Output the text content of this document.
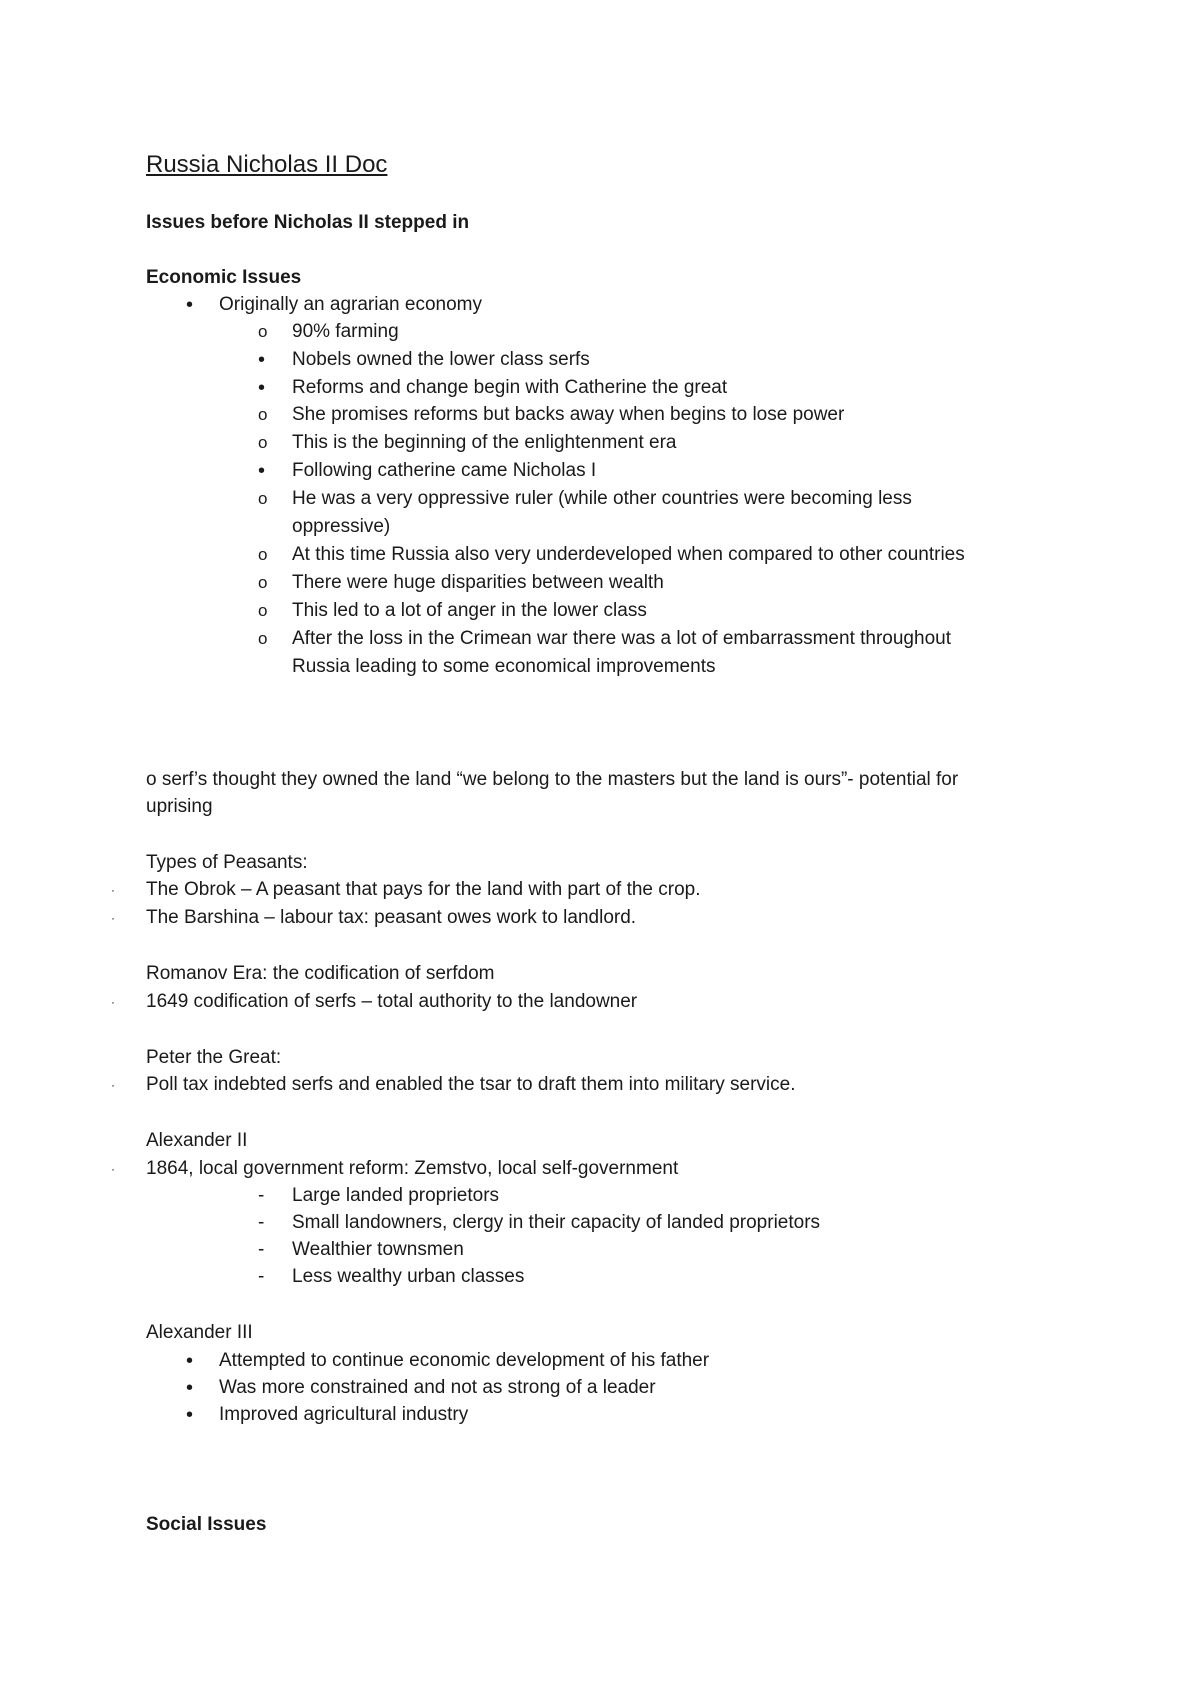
Russia Nicholas II Doc
Issues before Nicholas II stepped in
Economic Issues
• Originally an agrarian economy
o 90% farming
• Nobels owned the lower class serfs
• Reforms and change begin with Catherine the great
o She promises reforms but backs away when begins to lose power
o This is the beginning of the enlightenment era
• Following catherine came Nicholas I
o He was a very oppressive ruler (while other countries were becoming less
oppressive)
o At this time Russia also very underdeveloped when compared to other countries
o There were huge disparities between wealth
o This led to a lot of anger in the lower class
o After the loss in the Crimean war there was a lot of embarrassment throughout
Russia leading to some economical improvements
o serf’s thought they owned the land “we belong to the masters but the land is ours”- potential for
uprising
Types of Peasants:
· The Obrok – A peasant that pays for the land with part of the crop.
· The Barshina – labour tax: peasant owes work to landlord.
Romanov Era: the codification of serfdom
· 1649 codification of serfs – total authority to the landowner
Peter the Great:
· Poll tax indebted serfs and enabled the tsar to draft them into military service.
Alexander II
· 1864, local government reform: Zemstvo, local self-government
- Large landed proprietors
- Small landowners, clergy in their capacity of landed proprietors
- Wealthier townsmen
- Less wealthy urban classes
Alexander III
• Attempted to continue economic development of his father
• Was more constrained and not as strong of a leader
• Improved agricultural industry
Social Issues
